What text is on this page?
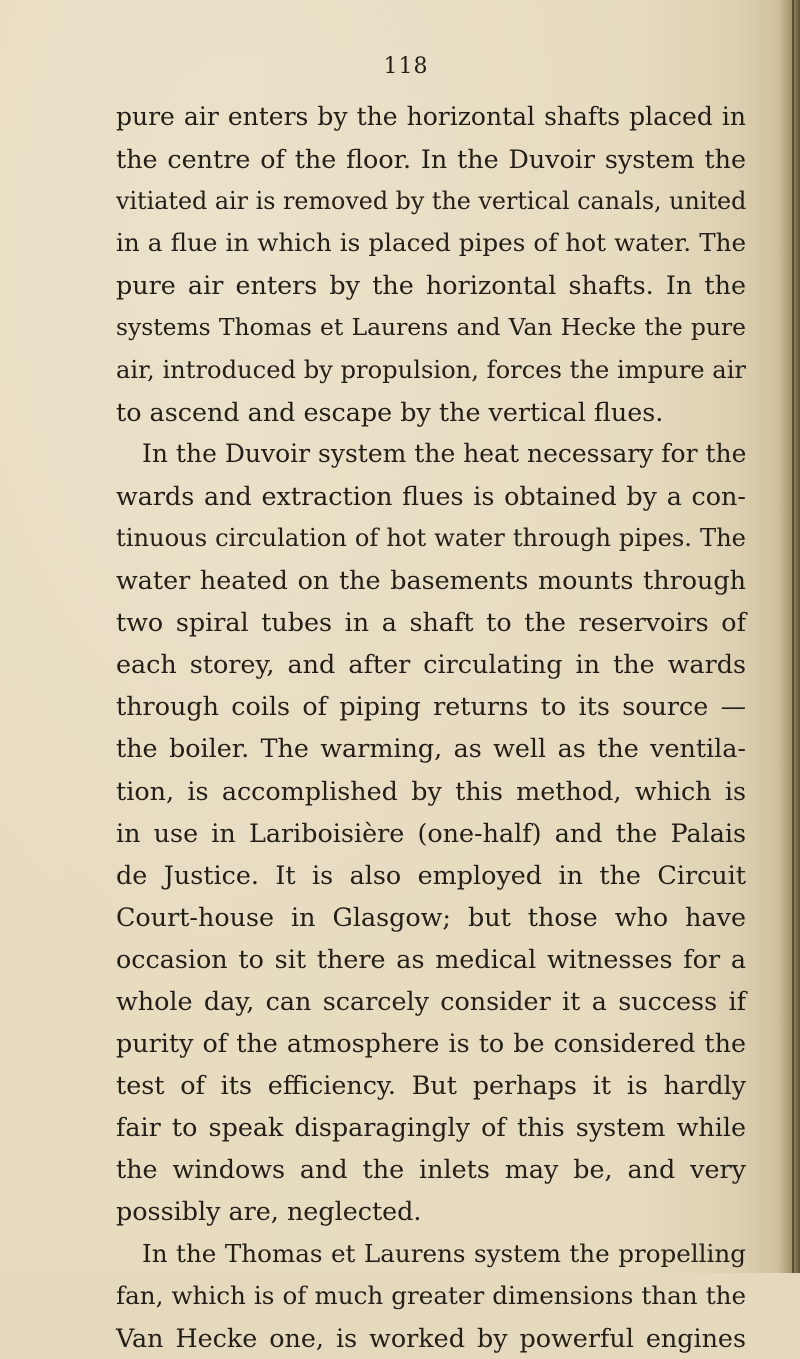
118
pure air enters by the horizontal shafts placed in
the centre of the floor. In the Duvoir system the
vitiated air is removed by the vertical canals, united
in a flue in which is placed pipes of hot water. The
pure air enters by the horizontal shafts. In the
systems Thomas et Laurens and Van Hecke the pure
air, introduced by propulsion, forces the impure air
to ascend and escape by the vertical flues.
In the Duvoir system the heat necessary for the
wards and extraction flues is obtained by a con-
tinuous circulation of hot water through pipes. The
water heated on the basements mounts through
two spiral tubes in a shaft to the reservoirs of
each storey, and after circulating in the wards
through coils of piping returns to its source —
the boiler. The warming, as well as the ventila-
tion, is accomplished by this method, which is
in use in Lariboisière (one-half) and the Palais
de Justice. It is also employed in the Circuit
Court-house in Glasgow; but those who have
occasion to sit there as medical witnesses for a
whole day, can scarcely consider it a success if
purity of the atmosphere is to be considered the
test of its efficiency. But perhaps it is hardly
fair to speak disparagingly of this system while
the windows and the inlets may be, and very
possibly are, neglected.
In the Thomas et Laurens system the propelling
fan, which is of much greater dimensions than the
Van Hecke one, is worked by powerful engines
